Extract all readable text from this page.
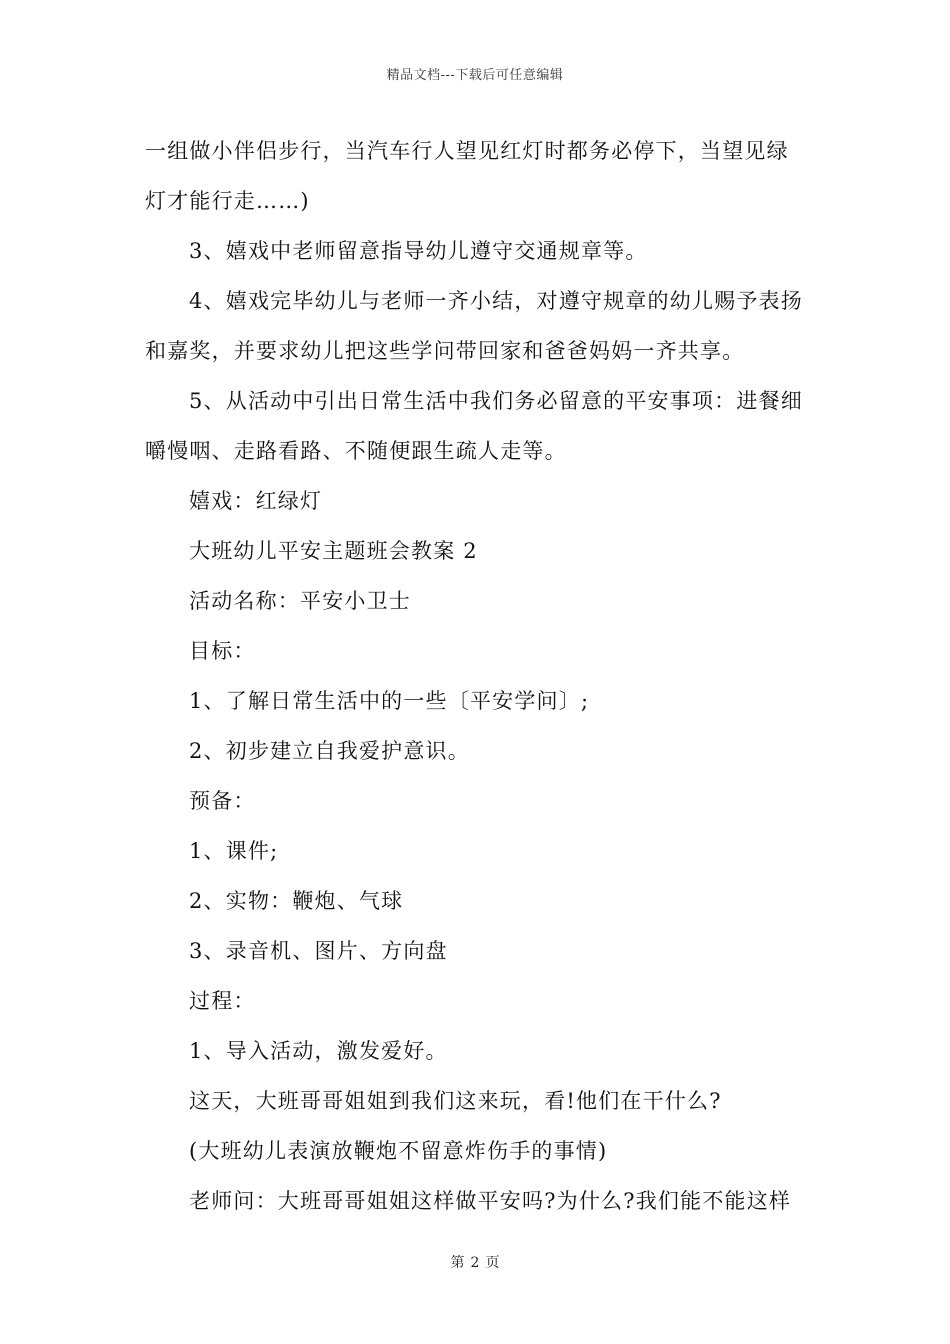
精品文档---下载后可任意编辑
一组做小伴侣步行，当汽车行人望见红灯时都务必停下，当望见绿
灯才能行走……)
3、嬉戏中老师留意指导幼儿遵守交通规章等。
4、嬉戏完毕幼儿与老师一齐小结，对遵守规章的幼儿赐予表扬
和嘉奖，并要求幼儿把这些学问带回家和爸爸妈妈一齐共享。
5、从活动中引出日常生活中我们务必留意的平安事项：进餐细
嚼慢咽、走路看路、不随便跟生疏人走等。
嬉戏：红绿灯
大班幼儿平安主题班会教案 2
活动名称：平安小卫士
目标：
1、了解日常生活中的一些〔平安学问〕;
2、初步建立自我爱护意识。
预备：
1、课件;
2、实物：鞭炮、气球
3、录音机、图片、方向盘
过程：
1、导入活动，激发爱好。
这天，大班哥哥姐姐到我们这来玩，看!他们在干什么?
(大班幼儿表演放鞭炮不留意炸伤手的事情)
老师问：大班哥哥姐姐这样做平安吗?为什么?我们能不能这样
第 2 页
